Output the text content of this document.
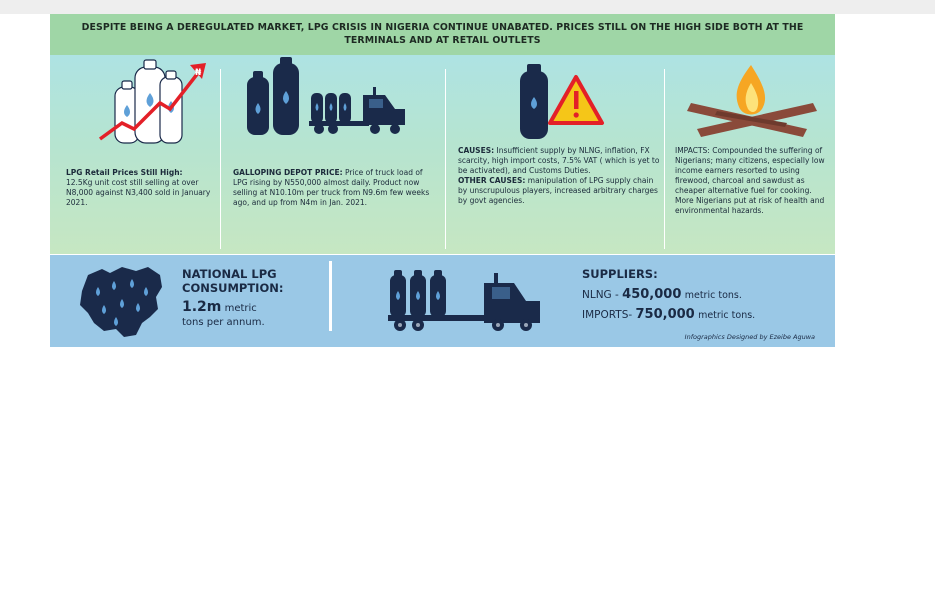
DESPITE BEING A DEREGULATED MARKET, LPG CRISIS IN NIGERIA CONTINUE UNABATED. PRICES STILL ON THE HIGH SIDE BOTH AT THE TERMINALS AND AT RETAIL OUTLETS
₦
LPG Retail Prices Still High:
12.5Kg unit cost still selling at over N8,000 against N3,400 sold in January 2021.
GALLOPING DEPOT PRICE: Price of truck load of LPG rising by N550,000 almost daily. Product now selling at N10.10m per truck from N9.6m few weeks ago, and up from N4m in Jan. 2021.
CAUSES: Insufficient supply by NLNG, inflation, FX scarcity, high import costs, 7.5% VAT ( which is yet to be activated), and Customs Duties.
OTHER CAUSES: manipulation of LPG supply chain by unscrupulous players, increased arbitrary charges by govt agencies.
IMPACTS: Compounded the suffering of Nigerians; many citizens, especially low income earners resorted to using firewood, charcoal and sawdust as cheaper alternative fuel for cooking. More Nigerians put at risk of health and environmental hazards.
NATIONAL LPG
CONSUMPTION:
1.2m metric
tons per annum.
SUPPLIERS:
NLNG - 450,000 metric tons.
IMPORTS- 750,000 metric tons.
Infographics Designed by Ezeibe Aguwa
